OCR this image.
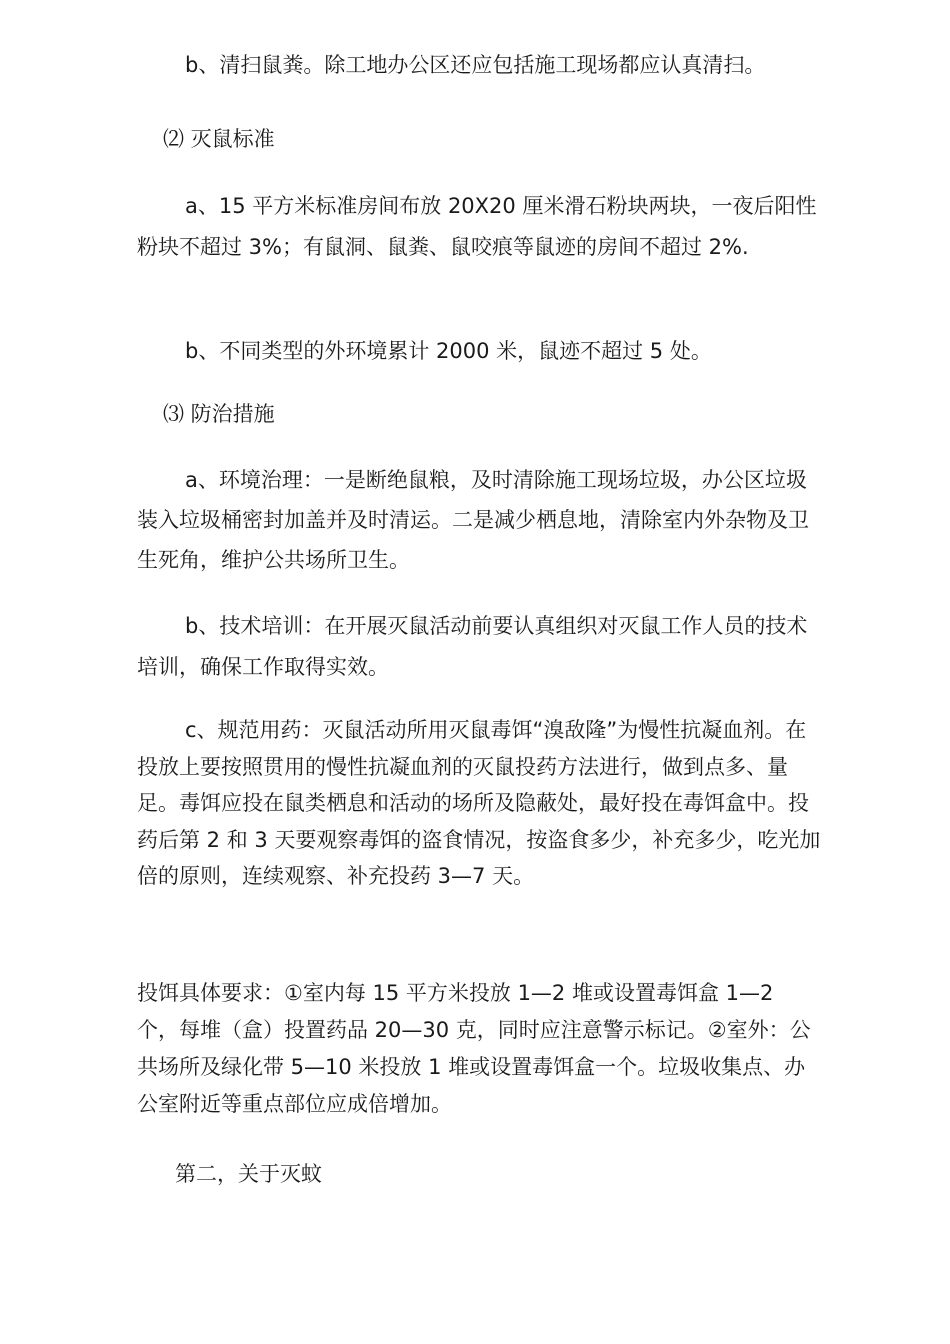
b、清扫鼠粪。除工地办公区还应包括施工现场都应认真清扫。

⑵ 灭鼠标准

a、15 平方米标准房间布放 20X20 厘米滑石粉块两块，一夜后阳性粉块不超过 3%；有鼠洞、鼠粪、鼠咬痕等鼠迹的房间不超过 2%.

b、不同类型的外环境累计 2000 米，鼠迹不超过 5 处。

⑶ 防治措施

a、环境治理：一是断绝鼠粮，及时清除施工现场垃圾，办公区垃圾装入垃圾桶密封加盖并及时清运。二是减少栖息地，清除室内外杂物及卫生死角，维护公共场所卫生。

b、技术培训：在开展灭鼠活动前要认真组织对灭鼠工作人员的技术培训，确保工作取得实效。

c、规范用药：灭鼠活动所用灭鼠毒饵“溴敌隆”为慢性抗凝血剂。在投放上要按照贯用的慢性抗凝血剂的灭鼠投药方法进行，做到点多、量足。毒饵应投在鼠类栖息和活动的场所及隐蔽处，最好投在毒饵盒中。投药后第 2 和 3 天要观察毒饵的盗食情况，按盗食多少，补充多少，吃光加倍的原则，连续观察、补充投药 3—7 天。

投饵具体要求：①室内每 15 平方米投放 1—2 堆或设置毒饵盒 1—2 个，每堆（盒）投置药品 20—30 克，同时应注意警示标记。②室外：公共场所及绿化带 5—10 米投放 1 堆或设置毒饵盒一个。垃圾收集点、办公室附近等重点部位应成倍增加。

第二，关于灭蚊
